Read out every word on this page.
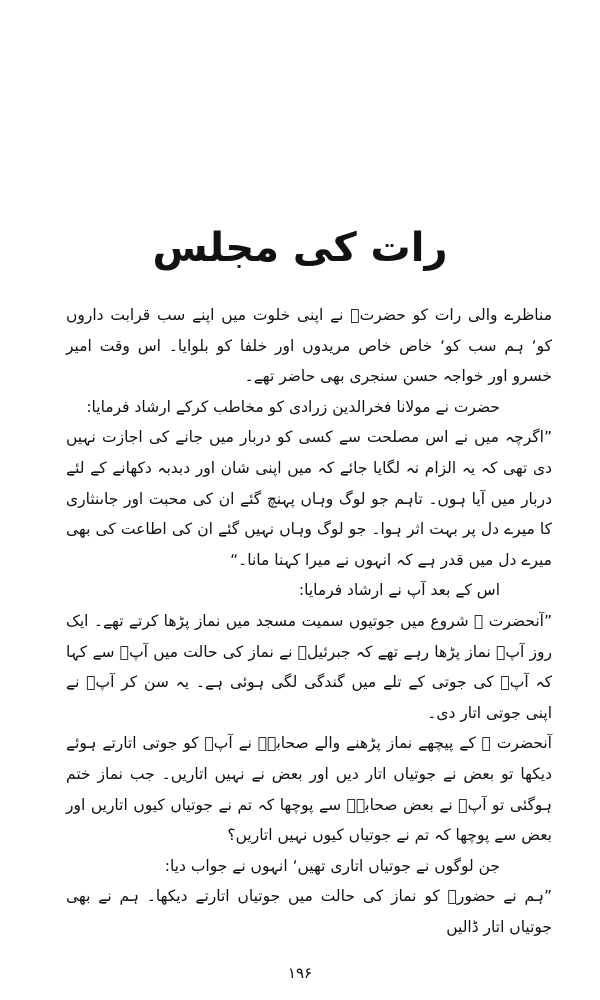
رات کی مجلس

مناظرے والی رات کو حضرتؒ نے اپنی خلوت میں اپنے سب قرابت داروں کو‘ ہم سب کو‘ خاص خاص مریدوں اور خلفا کو بلوایا۔ اس وقت امیر خسرو اور خواجہ حسن سنجری بھی حاضر تھے۔

حضرت نے مولانا فخرالدین زرادی کو مخاطب کرکے ارشاد فرمایا:

”اگرچہ میں نے اس مصلحت سے کسی کو دربار میں جانے کی اجازت نہیں دی تھی کہ یہ الزام نہ لگایا جائے کہ میں اپنی شان اور دبدبہ دکھانے کے لئے دربار میں آیا ہوں۔ تاہم جو لوگ وہاں پہنچ گئے ان کی محبت اور جاںنثاری کا میرے دل پر بہت اثر ہوا۔ جو لوگ وہاں نہیں گئے ان کی اطاعت کی بھی میرے دل میں قدر ہے کہ انہوں نے میرا کہنا مانا۔“

اس کے بعد آپ نے ارشاد فرمایا:

”آنحضرت ﷺ شروع میں جوتیوں سمیت مسجد میں نماز پڑھا کرتے تھے۔ ایک روز آپؐ نماز پڑھا رہے تھے کہ جبرئیلؑ نے نماز کی حالت میں آپؐ سے کہا کہ آپؐ کی جوتی کے تلے میں گندگی لگی ہوئی ہے۔ یہ سن کر آپؐ نے اپنی جوتی اتار دی۔

آنحضرت ﷺ کے پیچھے نماز پڑھنے والے صحابہؓ نے آپؐ کو جوتی اتارتے ہوئے دیکھا تو بعض نے جوتیاں اتار دیں اور بعض نے نہیں اتاریں۔ جب نماز ختم ہوگئی تو آپؐ نے بعض صحابہؓ سے پوچھا کہ تم نے جوتیاں کیوں اتاریں اور بعض سے پوچھا کہ تم نے جوتیاں کیوں نہیں اتاریں؟

جن لوگوں نے جوتیاں اتاری تھیں‘ انہوں نے جواب دیا:

”ہم نے حضورؐ کو نماز کی حالت میں جوتیاں اتارتے دیکھا۔ ہم نے بھی جوتیاں اتار ڈالیں

۱۹۶
